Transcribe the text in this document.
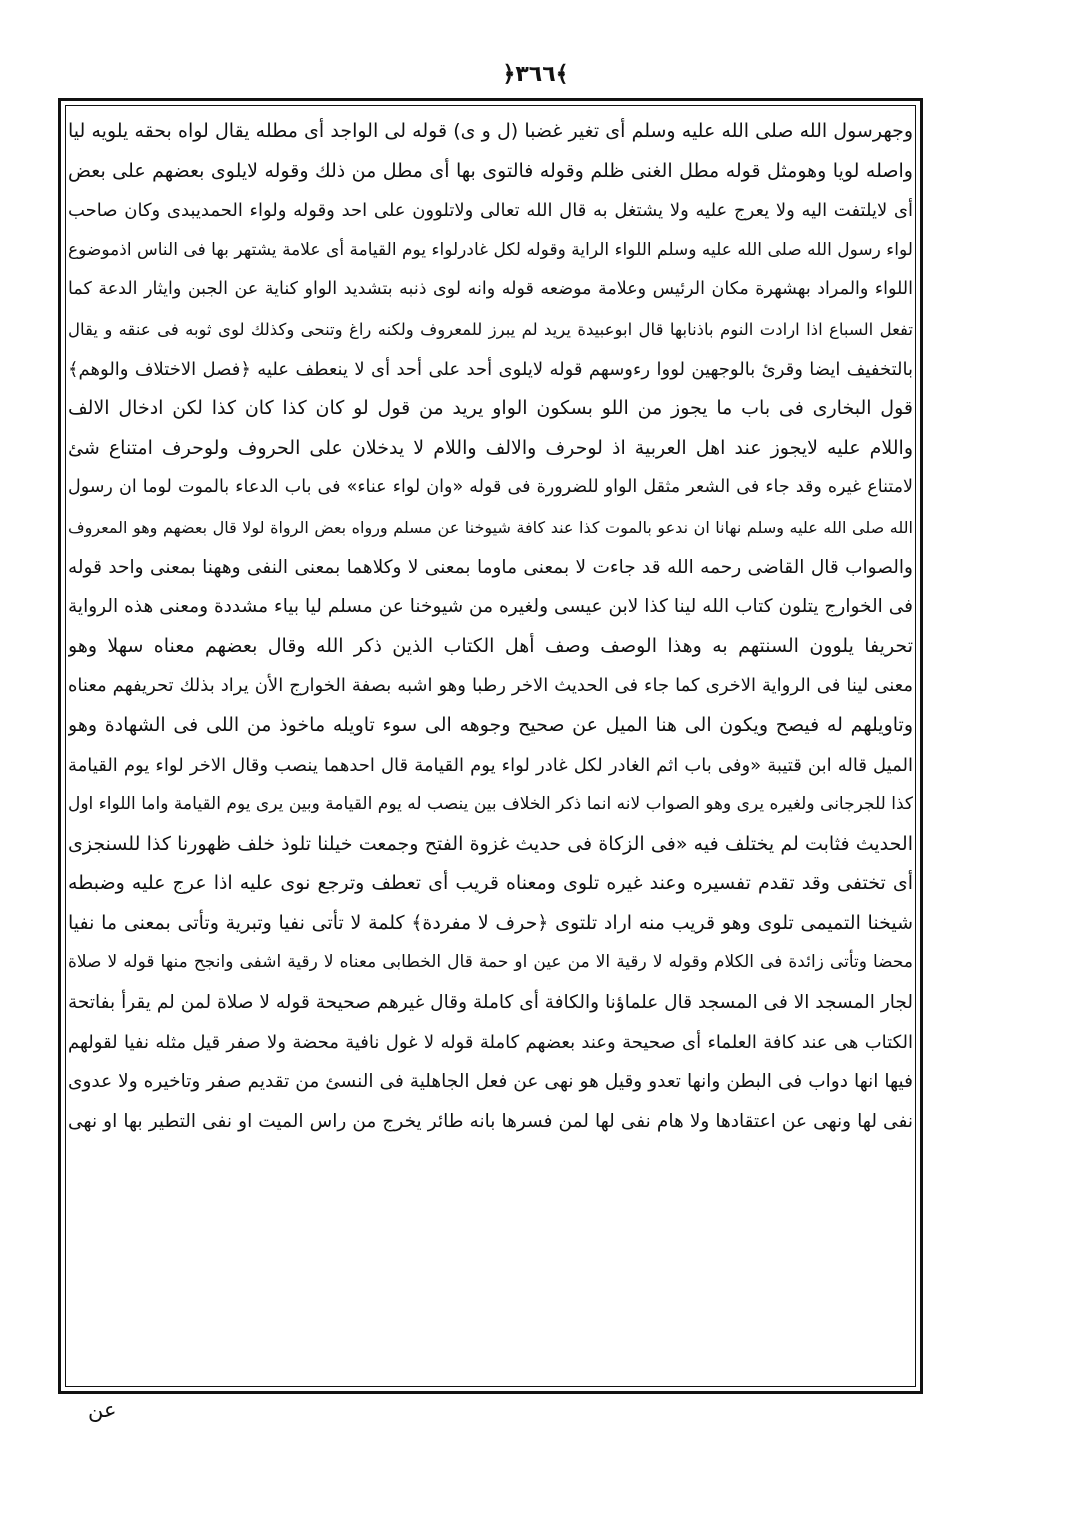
﴿٣٦٦﴾
وجهرسول الله صلى الله عليه وسلم أى تغير غضبا (ل و ى) قوله لى الواجد أى مطله يقال لواه بحقه يلويه ليا
واصله لويا وهومثل قوله مطل الغنى ظلم وقوله فالتوى بها أى مطل من ذلك وقوله لايلوى بعضهم على بعض
أى لايلتفت اليه ولا يعرج عليه ولا يشتغل به قال الله تعالى ولاتلوون على احد وقوله ولواء الحمديبدى وكان صاحب
لواء رسول الله صلى الله عليه وسلم اللواء الراية وقوله لكل غادرلواء يوم القيامة أى علامة يشتهر بها فى الناس اذموضوع
اللواء والمراد بهشهرة مكان الرئيس وعلامة موضعه قوله وانه لوى ذنبه بتشديد الواو كناية عن الجبن وايثار الدعة كما
تفعل السباع اذا ارادت النوم باذنابها قال ابوعبيدة يريد لم يبرز للمعروف ولكنه راغ وتنحى وكذلك لوى ثوبه فى عنقه و يقال
بالتخفيف ايضا وقرئ بالوجهين لووا رءوسهم قوله لايلوى أحد على أحد أى لا ينعطف عليه ﴿فصل الاختلاف والوهم﴾
قول البخارى فى باب ما يجوز من اللو بسكون الواو يريد من قول لو كان كذا كان كذا لكن ادخال الالف
واللام عليه لايجوز عند اهل العربية اذ لوحرف والالف واللام لا يدخلان على الحروف ولوحرف امتناع شئ
لامتناع غيره وقد جاء فى الشعر مثقل الواو للضرورة فى قوله «وان لواء عناء» فى باب الدعاء بالموت لوما ان رسول
الله صلى الله عليه وسلم نهانا ان ندعو بالموت كذا عند كافة شيوخنا عن مسلم ورواه بعض الرواة لولا قال بعضهم وهو المعروف
والصواب قال القاضى رحمه الله قد جاءت لا بمعنى ماوما بمعنى لا وكلاهما بمعنى النفى وههنا بمعنى واحد قوله
فى الخوارج يتلون كتاب الله لينا كذا لابن عيسى ولغيره من شيوخنا عن مسلم ليا بياء مشددة ومعنى هذه الرواية
تحريفا يلوون السنتهم به وهذا الوصف وصف أهل الكتاب الذين ذكر الله وقال بعضهم معناه سهلا وهو
معنى لينا فى الرواية الاخرى كما جاء فى الحديث الاخر رطبا وهو اشبه بصفة الخوارج الأن يراد بذلك تحريفهم معناه
وتاويلهم له فيصح ويكون الى هنا الميل عن صحيح وجوهه الى سوء تاويله ماخوذ من اللى فى الشهادة وهو
الميل قاله ابن قتيبة «وفى باب اثم الغادر لكل غادر لواء يوم القيامة قال احدهما ينصب وقال الاخر لواء يوم القيامة
كذا للجرجانى ولغيره يرى وهو الصواب لانه انما ذكر الخلاف بين ينصب له يوم القيامة وبين يرى يوم القيامة واما اللواء اول
الحديث فثابت لم يختلف فيه «فى الزكاة فى حديث غزوة الفتح وجمعت خيلنا تلوذ خلف ظهورنا كذا للسنجزى
أى تختفى وقد تقدم تفسيره وعند غيره تلوى ومعناه قريب أى تعطف وترجع نوى عليه اذا عرج عليه وضبطه
شيخنا التميمى تلوى وهو قريب منه اراد تلتوى ﴿حرف لا مفردة﴾ كلمة لا تأتى نفيا وتبرية وتأتى بمعنى ما نفيا
محضا وتأتى زائدة فى الكلام وقوله لا رقية الا من عين او حمة قال الخطابى معناه لا رقية اشفى وانجح منها قوله لا صلاة
لجار المسجد الا فى المسجد قال علماؤنا والكافة أى كاملة وقال غيرهم صحيحة قوله لا صلاة لمن لم يقرأ بفاتحة
الكتاب هى عند كافة العلماء أى صحيحة وعند بعضهم كاملة قوله لا غول نافية محضة ولا صفر قيل مثله نفيا لقولهم
فيها انها دواب فى البطن وانها تعدو وقيل هو نهى عن فعل الجاهلية فى النسئ من تقديم صفر وتاخيره ولا عدوى
نفى لها ونهى عن اعتقادها ولا هام نفى لها لمن فسرها بانه طائر يخرج من راس الميت او نفى التطير بها او نهى
عن
